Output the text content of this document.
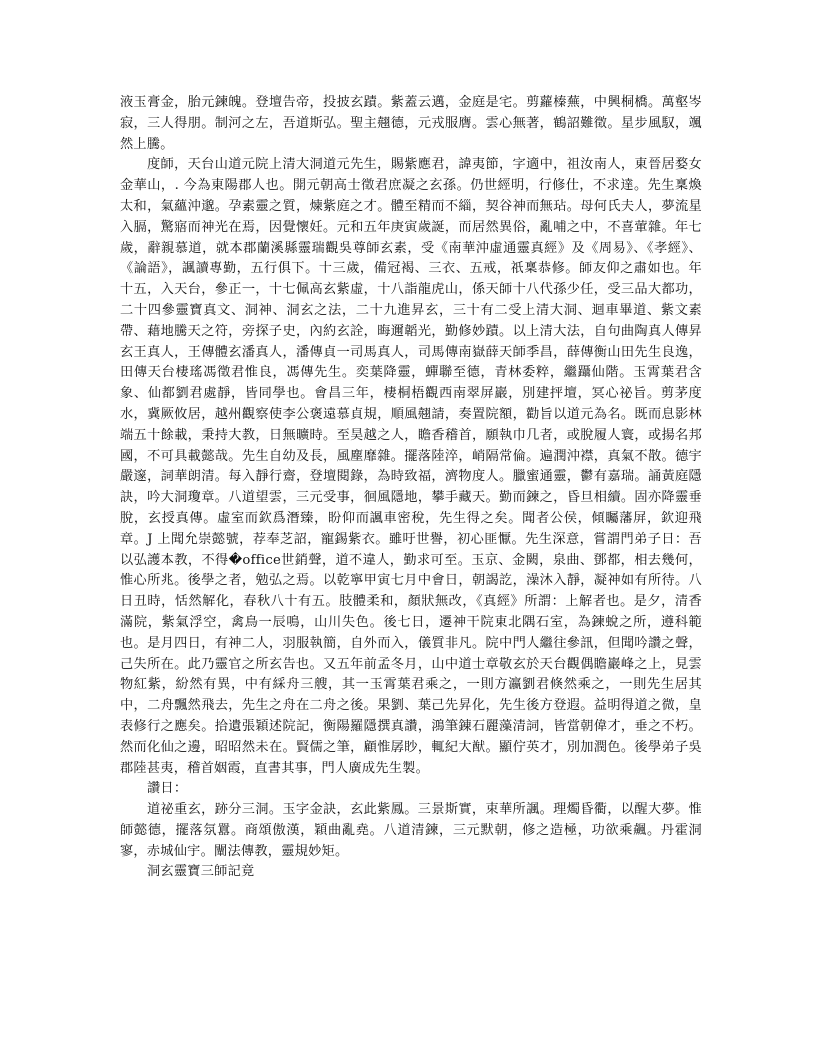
液玉膏金，胎元鍊魄。登壇告帝，投披玄蹟。紫蓋云邁，金庭是宅。剪蘿榛蕪，中興桐橋。萬壑岑寂，三人得朋。制河之左，吾道斯弘。聖主翹德，元戎服膺。雲心無著，鶴詔難徵。星步風馭，颯然上騰。

度師，天台山道元院上清大洞道元先生，賜紫應君，諱夷節，字適中，祖汝南人，東晉居婺女金華山，. 今為東陽郡人也。開元朝高士徵君庶凝之玄孫。仍世經明，行修仕，不求達。先生稟煥太和，氣蘊沖邈。孕素靈之質，煉紫庭之才。體至精而不緇，契谷神而無玷。母何氏夫人，夢流星入膈，驚寤而神光在焉，因覺懷妊。元和五年庚寅歲誕，而居然異俗，亂哺之中，不喜葷雜。年七歲，辭親慕道，就本郡蘭溪縣靈瑞觀吳尊師玄素，受《南華沖虛通靈真經》及《周易》、《孝經》、《論語》，諷讀專勤，五行俱下。十三歲，備冠褐、三衣、五戒，祇稟恭修。師友仰之肅如也。年十五，入天台，參正一，十七佩高玄紫虛，十八詣龍虎山，係天師十八代孫少任，受三品大都功，二十四參靈寶真文、洞神、洞玄之法，二十九進昇玄，三十有二受上清大洞、迴車畢道、紫文素帶、藉地騰天之符，旁探子史，內約玄詮，晦邇韜光，勤修妙蹟。以上清大法，自句曲陶真人傳昇玄王真人，王傳體玄潘真人，潘傳貞一司馬真人，司馬傳南嶽薛天師季昌，薛傳衡山田先生良逸，田傳天台棲瑤馮徵君惟良，馮傳先生。奕葉降靈，蟬聯至德，青林委粹，繼躡仙階。玉霄葉君含象、仙都劉君處靜，皆同學也。會昌三年，棲桐梧觀西南翠屏巖，別建抨壇，冥心祕旨。剪茅度水，冀厥攸居，越州觀察使李公褒遠慕貞規，順風翹請，奏置院額，勸旨以道元為名。既而息影林端五十餘載，秉持大教，日無曠時。至昊越之人，瞻香稽首，願執巾几者，或脫履人寰，或揚名邦國，不可具載懿哉。先生自幼及長，風塵靡雜。擺落陸淬，峭隔常倫。遍潤沖襟，真氣不散。德宇嚴邃，詞華朗清。每入靜行齋，登壇閱錄，為時致福，濟物度人。臘蜜通靈，鬱有嘉瑞。誦黃庭隱訣，吟大洞瓊章。八道望雲，三元受事，徊風隱地，攀手藏天。勤而鍊之，昏旦相續。固亦降靈垂脫，玄授真傳。虛室而欽爲潛臻，盼仰而諷車密稅，先生得之矣。聞者公侯，傾矚藩屏，欽迎飛章。J 上聞允崇懿號，荐奉芝詔，寵錫紫衣。雖吁世譽，初心匪懨。先生深意，嘗謂門弟子日：吾以弘護本教，不得�office世銷聲，道不違人，勤求可至。玉京、金闕，泉曲、鄧都，相去幾何，惟心所兆。後學之者，勉弘之焉。以乾寧甲寅七月中會日，朝謁訖，澡沐入靜，凝神如有所待。八日丑時，恬然解化，春秋八十有五。肢體柔和，顏狀無改，《真經》所謂：上解者也。是夕，清香滿院，紫氣浮空，禽鳥一辰鳴，山川失色。後七日，遷神干院東北隅石室，為鍊蛻之所，遵科範也。是月四日，有神二人，羽服執簡，自外而入，儀質非凡。院中門人繼往參訊，但聞吟讚之聲，己失所在。此乃靈官之所玄告也。又五年前孟冬月，山中道士章敬玄於天台觀偶瞻巖峰之上，見雲物紅紫，紛然有異，中有綵舟三艘，其一玉霄葉君乘之，一則方瀛劉君倏然乘之，一則先生居其中，二舟飄然飛去，先生之舟在二舟之後。果劉、葉己先昇化，先生後方登遐。益明得道之微，皇表修行之應矣。拾遺張穎述院記，衡陽羅隱撰真讚，鴻筆錬石麗藻清詞，皆當朝偉才，垂之不朽。然而化仙之邊，昭昭然未在。賢儒之筆，顧惟孱眇，輒紀大猷。顯佇英才，別加潤色。後學弟子吳郡陸甚夷，稽首姻霞，直書其事，門人廣成先生製。

讚日：

道祕重玄，跡分三洞。玉字金訣，玄此紫鳳。三景斯實，束華所諷。理燭昏衢，以醒大夢。惟師懿德，擺落氛囂。商頌傲漢，穎曲亂堯。八道清鍊，三元默朝，修之造極，功欲乘飆。丹霍洞寥，赤城仙宇。闡法傳教，靈規妙矩。

洞玄靈寶三師記竟
